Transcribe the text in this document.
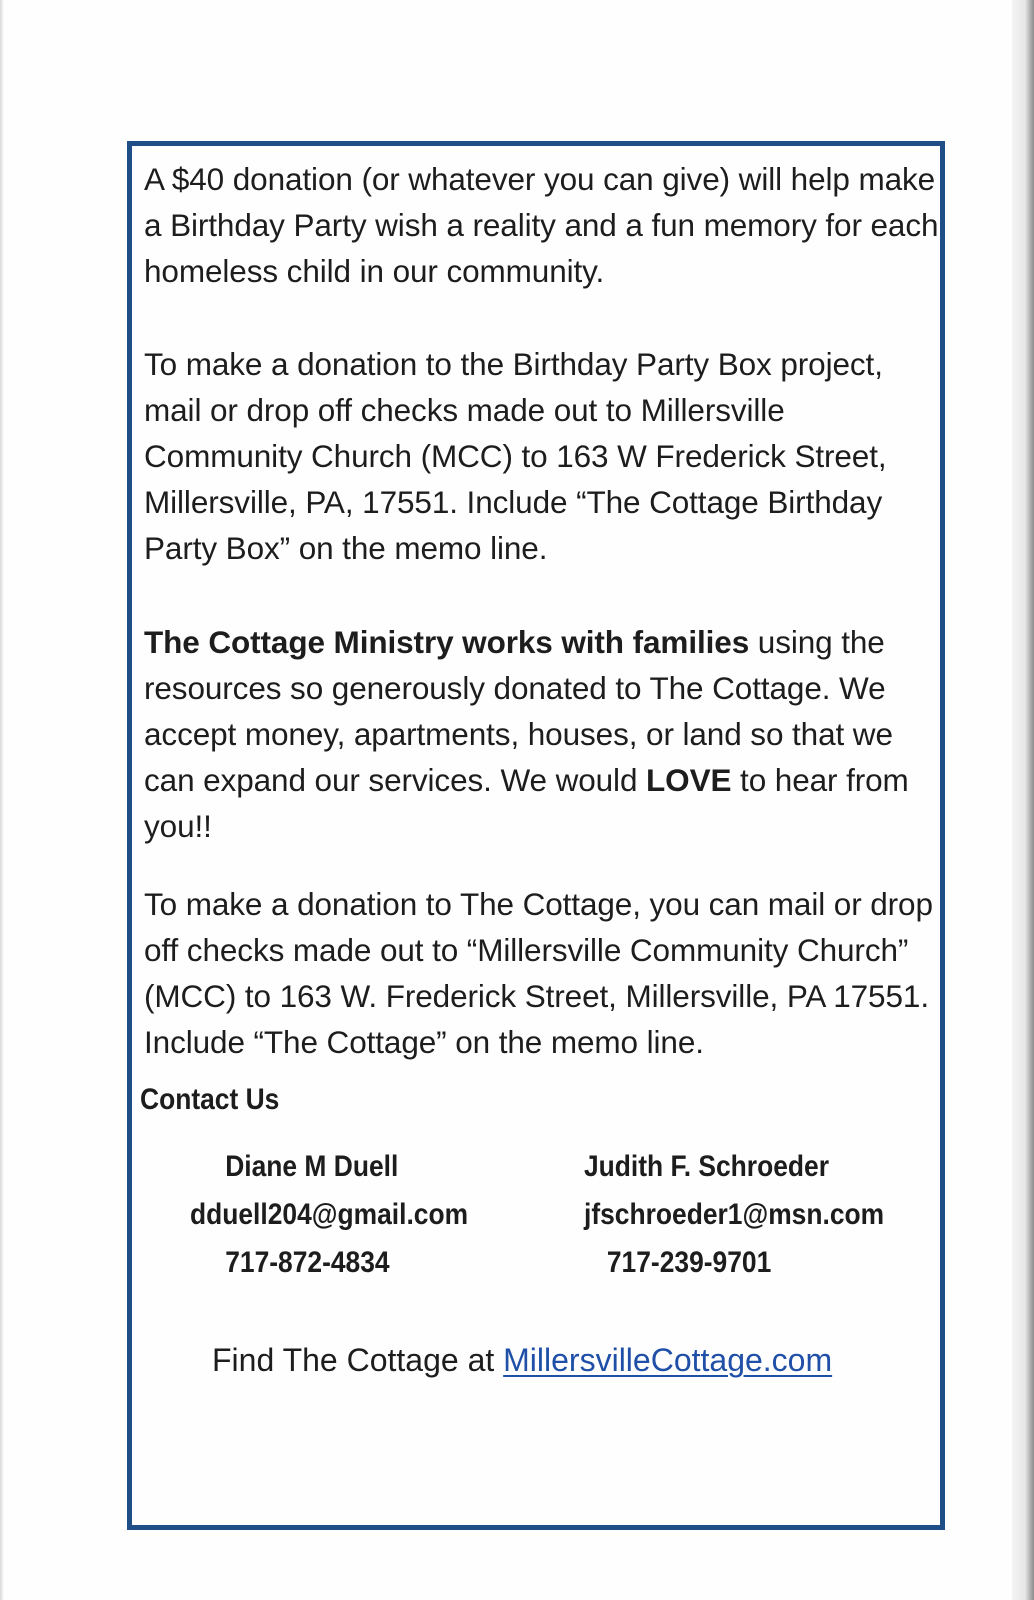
A $40 donation (or whatever you can give) will help make a Birthday Party wish a reality and a fun memory for each homeless child in our community.

To make a donation to the Birthday Party Box project, mail or drop off checks made out to Millersville Community Church (MCC) to 163 W Frederick Street, Millersville, PA, 17551. Include “The Cottage Birthday Party Box” on the memo line.

The Cottage Ministry works with families using the resources so generously donated to The Cottage. We accept money, apartments, houses, or land so that we can expand our services. We would LOVE to hear from you!!

To make a donation to The Cottage, you can mail or drop off checks made out to “Millersville Community Church” (MCC) to 163 W. Frederick Street, Millersville, PA 17551. Include “The Cottage” on the memo line.

Contact Us
Diane M Duell
dduell204@gmail.com
717-872-4834
Judith F. Schroeder
jfschroeder1@msn.com
717-239-9701

Find The Cottage at MillersvilleCottage.com
